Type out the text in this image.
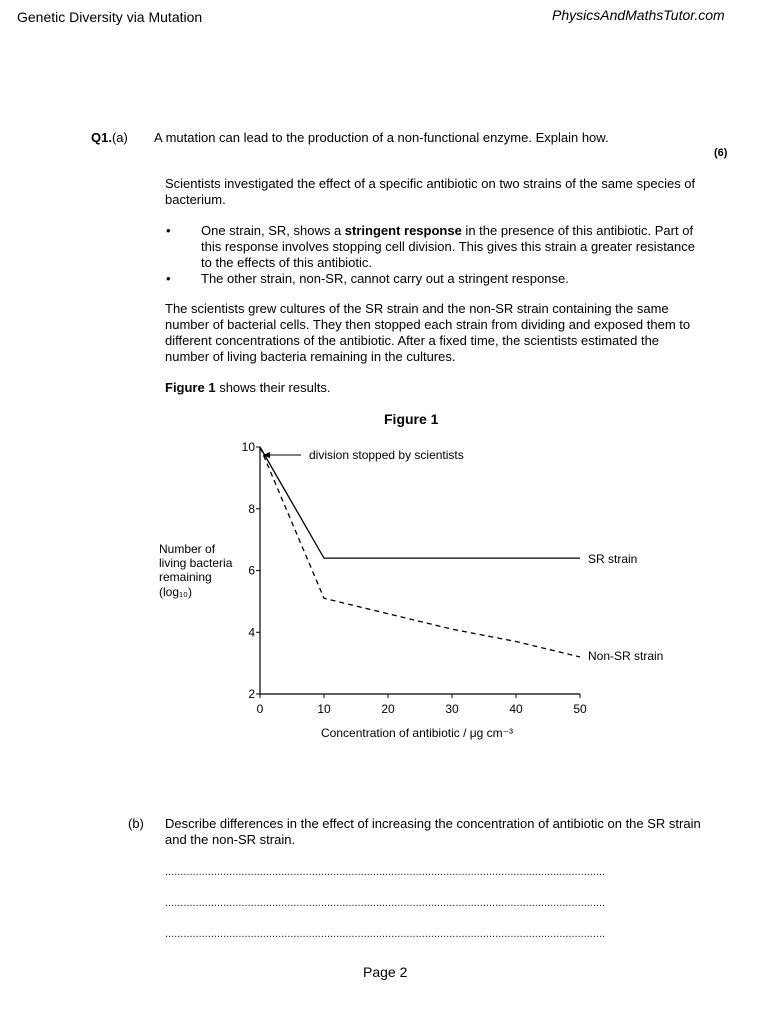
Genetic Diversity via Mutation	PhysicsAndMathsTutor.com
Q1.(a) A mutation can lead to the production of a non-functional enzyme. Explain how.
(6)
Scientists investigated the effect of a specific antibiotic on two strains of the same species of bacterium.
• One strain, SR, shows a stringent response in the presence of this antibiotic. Part of this response involves stopping cell division. This gives this strain a greater resistance to the effects of this antibiotic.
• The other strain, non-SR, cannot carry out a stringent response.
The scientists grew cultures of the SR strain and the non-SR strain containing the same number of bacterial cells. They then stopped each strain from dividing and exposed them to different concentrations of the antibiotic. After a fixed time, the scientists estimated the number of living bacteria remaining in the cultures.
Figure 1 shows their results.
Figure 1
Number of
living bacteria
remaining
(log₁₀)
0	10	20	30	40	50
2
4
6
8
10
division stopped by scientists
SR strain
Non-SR strain
Concentration of antibiotic / μg cm⁻³
(b) Describe differences in the effect of increasing the concentration of antibiotic on the SR strain and the non-SR strain.
................................................................................................................................................
................................................................................................................................................
................................................................................................................................................
Page 2
